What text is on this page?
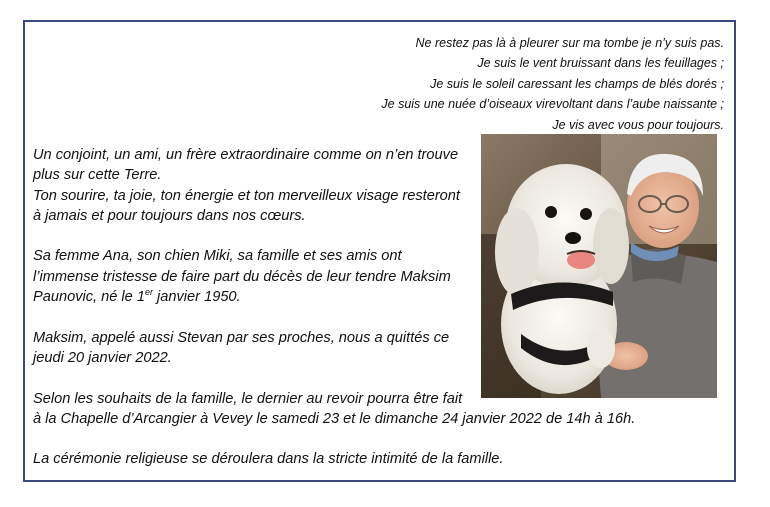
Ne restez pas là à pleurer sur ma tombe je n’y suis pas.
Je suis le vent bruissant dans les feuillages ;
Je suis le soleil caressant les champs de blés dorés ;
Je suis une nuée d’oiseaux virevoltant dans l’aube naissante ;
Je vis avec vous pour toujours.

Un conjoint, un ami, un frère extraordinaire comme on n’en trouve
plus sur cette Terre.
Ton sourire, ta joie, ton énergie et ton merveilleux visage resteront
à jamais et pour toujours dans nos cœurs.

Sa femme Ana, son chien Miki, sa famille et ses amis ont
l’immense tristesse de faire part du décès de leur tendre Maksim
Paunovic, né le 1er janvier 1950.

Maksim, appelé aussi Stevan par ses proches, nous a quittés ce
jeudi 20 janvier 2022.

Selon les souhaits de la famille, le dernier au revoir pourra être fait
à la Chapelle d’Arcangier à Vevey le samedi 23 et le dimanche 24 janvier 2022 de 14h à 16h.

La cérémonie religieuse se déroulera dans la stricte intimité de la famille.
